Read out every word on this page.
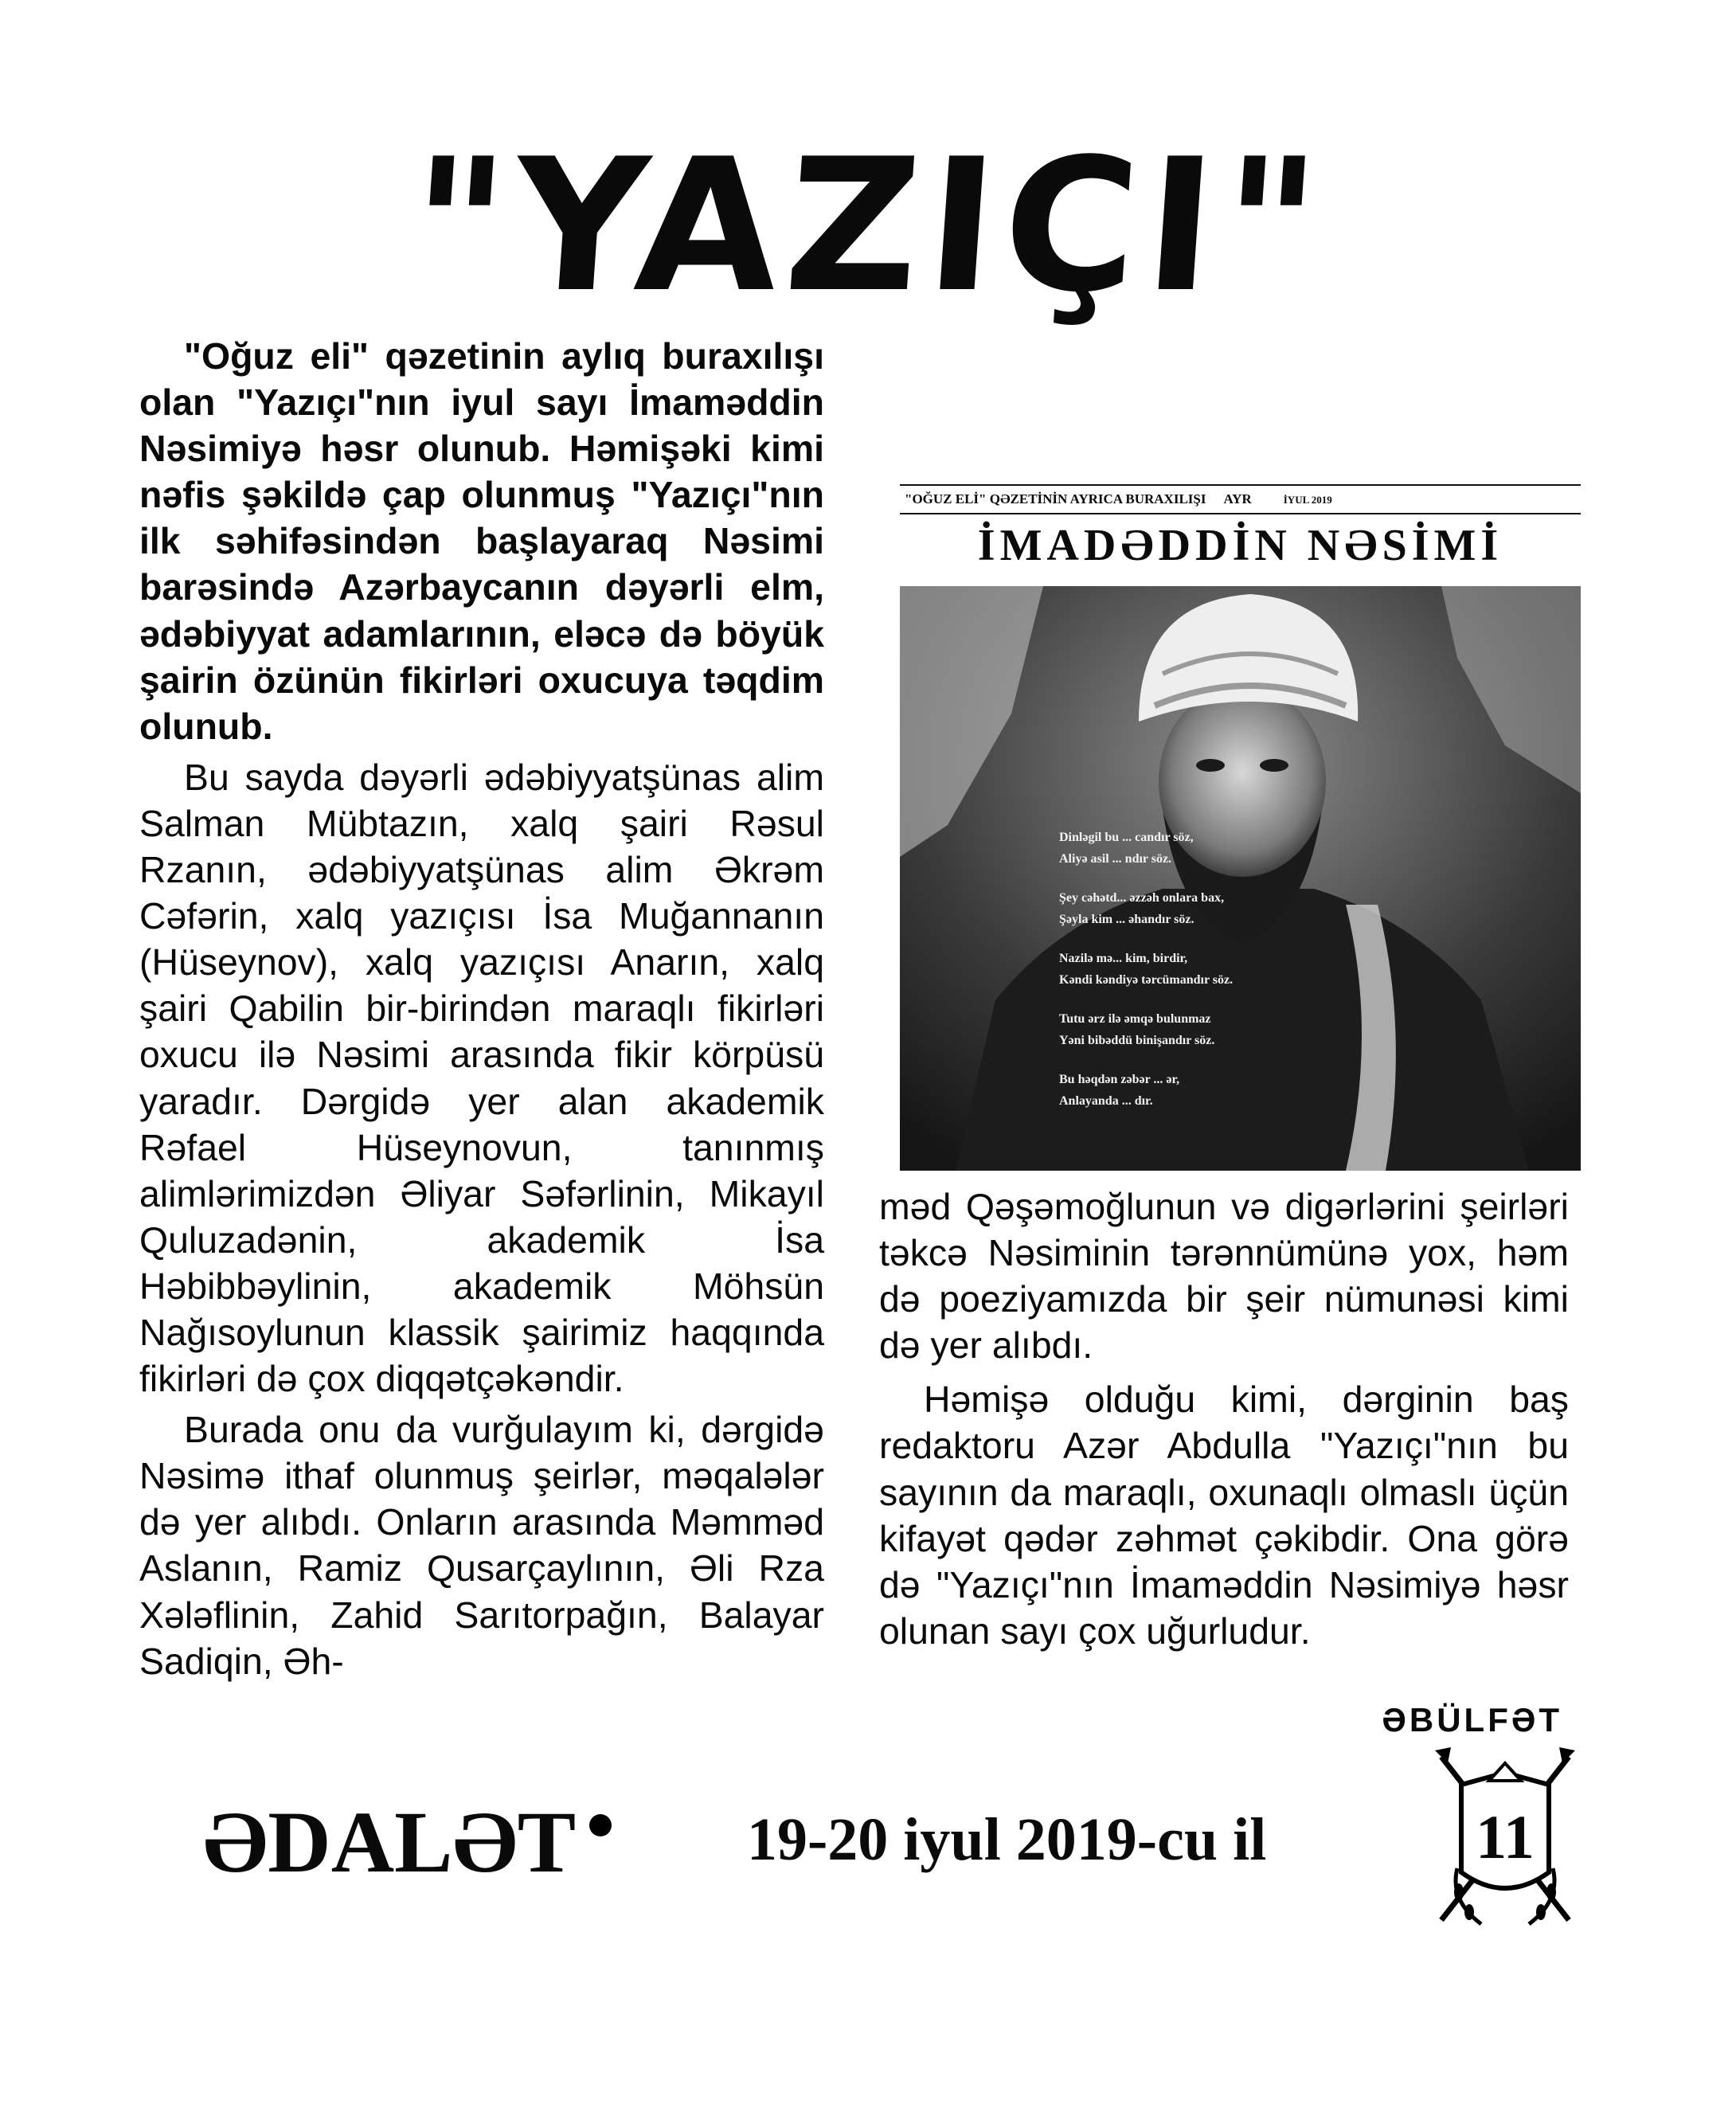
"YAZIÇI"

"Oğuz eli" qəzetinin aylıq buraxılışı olan "Yazıçı"nın iyul sayı İmaməddin Nəsimiyə həsr olunub. Həmişəki kimi nəfis şəkildə çap olunmuş "Yazıçı"nın ilk səhifəsindən başlayaraq Nəsimi barəsində Azərbaycanın dəyərli elm, ədəbiyyat adamlarının, eləcə də böyük şairin özünün fikirləri oxucuya təqdim olunub.

Bu sayda dəyərli ədəbiyyatşünas alim Salman Mübtazın, xalq şairi Rəsul Rzanın, ədəbiyyatşünas alim Əkrəm Cəfərin, xalq yazıçısı İsa Muğannanın (Hüseynov), xalq yazıçısı Anarın, xalq şairi Qabilin bir-birindən maraqlı fikirləri oxucu ilə Nəsimi arasında fikir körpüsü yaradır. Dərgidə yer alan akademik Rəfael Hüseynovun, tanınmış alimlərimizdən Əliyar Səfərlinin, Mikayıl Quluzadənin, akademik İsa Həbibbəylinin, akademik Möhsün Nağısoylunun klassik şairimiz haqqında fikirləri də çox diqqətçəkəndir.

Burada onu da vurğulayım ki, dərgidə Nəsimə ithaf olunmuş şeirlər, məqalələr də yer alıbdı. Onların arasında Məmməd Aslanın, Ramiz Qusarçaylının, Əli Rza Xələflinin, Zahid Sarıtorpağın, Balayar Sadiqin, Əh-

"OĞUZ ELİ" QƏZETİNİN AYRICA BURAXILIŞI AYR	İYUL 2019
İMADƏDDİN NƏSİMİ
Dinləgil bu ... candır söz,
Aliyə asil ... ndır söz.
Şey cəhətd... əzzəh onlara bax,
Şəyla kim ... əhandır söz.
Nazilə mə... kim, birdir,
Kəndi kəndiyə tərcümandır söz.
Tutu ərz ilə əmqə bulunmaz
Yəni bibəddü binişandır söz.
Bu həqdən zəbər ... ər,
Anlayanda ... dır.

məd Qəşəmoğlunun və digərlərini şeirləri təkcə Nəsiminin tərənnümünə yox, həm də poeziyamızda bir şeir nümunəsi kimi də yer alıbdı.

Həmişə olduğu kimi, dərginin baş redaktoru Azər Abdulla "Yazıçı"nın bu sayının da maraqlı, oxunaqlı olmaslı üçün kifayət qədər zəhmət çəkibdir. Ona görə də "Yazıçı"nın İmaməddin Nəsimiyə həsr olunan sayı çox uğurludur.

ƏBÜLFƏT
ƏDALƏT	19-20 iyul 2019-cu il	11
